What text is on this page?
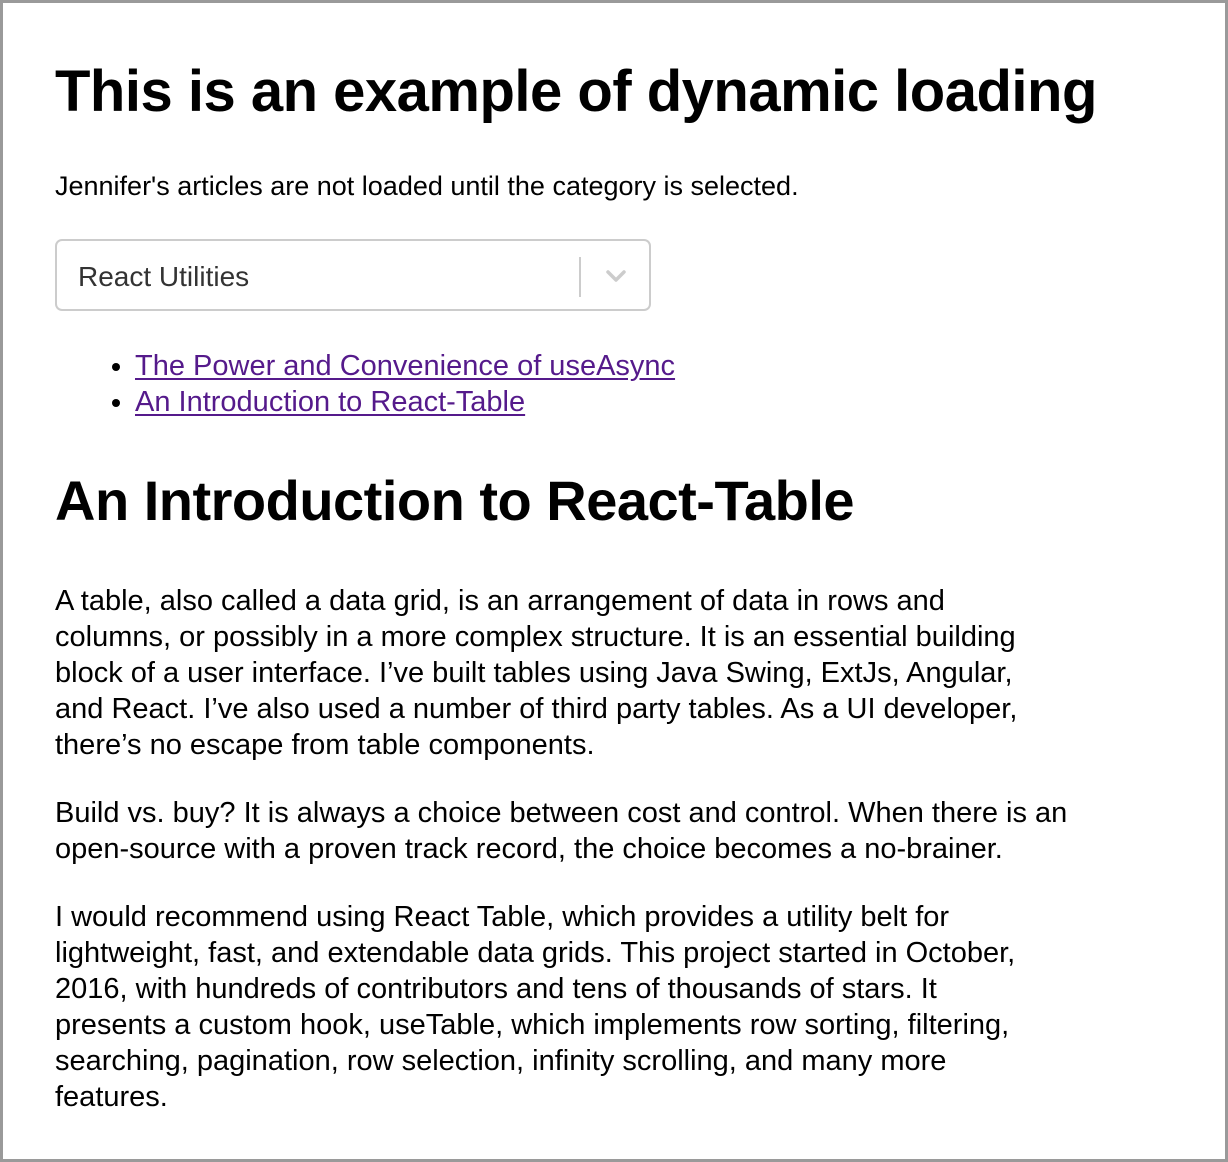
This is an example of dynamic loading

Jennifer's articles are not loaded until the category is selected.

React Utilities
• The Power and Convenience of useAsync
• An Introduction to React-Table
An Introduction to React-Table

A table, also called a data grid, is an arrangement of data in rows and
columns, or possibly in a more complex structure. It is an essential building
block of a user interface. I’ve built tables using Java Swing, ExtJs, Angular,
and React. I’ve also used a number of third party tables. As a UI developer,
there’s no escape from table components.

Build vs. buy? It is always a choice between cost and control. When there is an
open-source with a proven track record, the choice becomes a no-brainer.

I would recommend using React Table, which provides a utility belt for
lightweight, fast, and extendable data grids. This project started in October,
2016, with hundreds of contributors and tens of thousands of stars. It
presents a custom hook, useTable, which implements row sorting, filtering,
searching, pagination, row selection, infinity scrolling, and many more
features.
